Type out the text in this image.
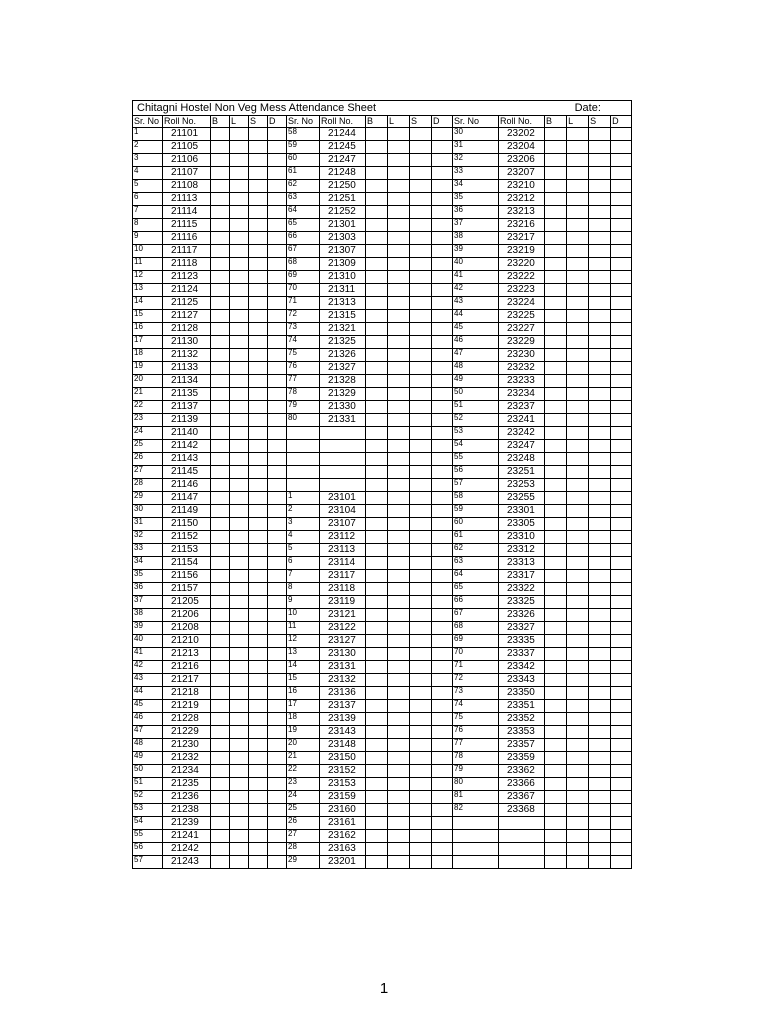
Chitagni Hostel Non Veg Mess Attendance Sheet															Date:		
Sr. No	Roll No.	B	L	S	D	Sr. No	Roll No.	B	L	S	D	Sr. No	Roll No.	B	L	S	D
1	21101					58	21244					30	23202				
2	21105					59	21245					31	23204				
3	21106					60	21247					32	23206				
4	21107					61	21248					33	23207				
5	21108					62	21250					34	23210				
6	21113					63	21251					35	23212				
7	21114					64	21252					36	23213				
8	21115					65	21301					37	23216				
9	21116					66	21303					38	23217				
10	21117					67	21307					39	23219				
11	21118					68	21309					40	23220				
12	21123					69	21310					41	23222				
13	21124					70	21311					42	23223				
14	21125					71	21313					43	23224				
15	21127					72	21315					44	23225				
16	21128					73	21321					45	23227				
17	21130					74	21325					46	23229				
18	21132					75	21326					47	23230				
19	21133					76	21327					48	23232				
20	21134					77	21328					49	23233				
21	21135					78	21329					50	23234				
22	21137					79	21330					51	23237				
23	21139					80	21331					52	23241				
24	21140											53	23242				
25	21142											54	23247				
26	21143											55	23248				
27	21145											56	23251				
28	21146											57	23253				
29	21147					1	23101					58	23255				
30	21149					2	23104					59	23301				
31	21150					3	23107					60	23305				
32	21152					4	23112					61	23310				
33	21153					5	23113					62	23312				
34	21154					6	23114					63	23313				
35	21156					7	23117					64	23317				
36	21157					8	23118					65	23322				
37	21205					9	23119					66	23325				
38	21206					10	23121					67	23326				
39	21208					11	23122					68	23327				
40	21210					12	23127					69	23335				
41	21213					13	23130					70	23337				
42	21216					14	23131					71	23342				
43	21217					15	23132					72	23343				
44	21218					16	23136					73	23350				
45	21219					17	23137					74	23351				
46	21228					18	23139					75	23352				
47	21229					19	23143					76	23353				
48	21230					20	23148					77	23357				
49	21232					21	23150					78	23359				
50	21234					22	23152					79	23362				
51	21235					23	23153					80	23366				
52	21236					24	23159					81	23367				
53	21238					25	23160					82	23368				
54	21239					26	23161										
55	21241					27	23162										
56	21242					28	23163										
57	21243					29	23201										
1
